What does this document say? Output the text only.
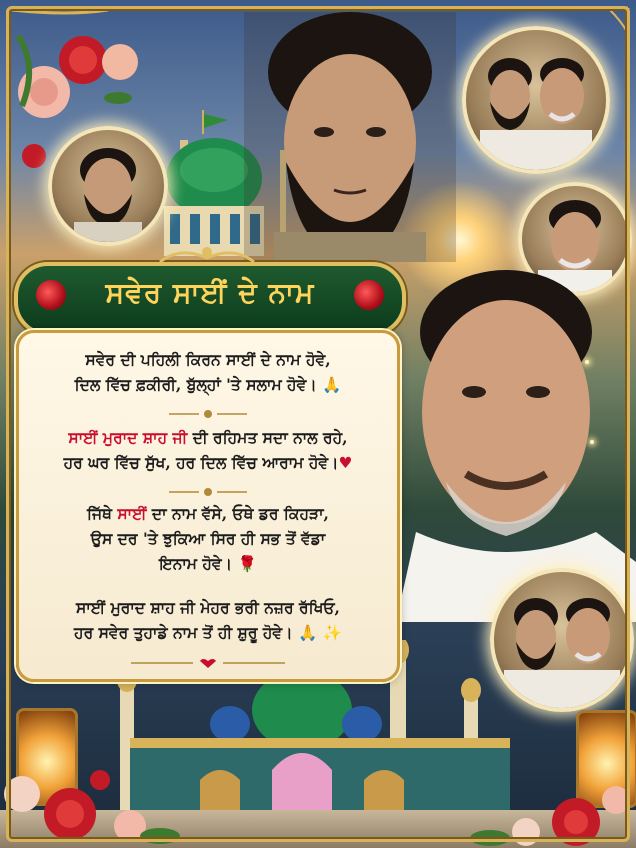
ਸਵੇਰ ਸਾਈਂ ਦੇ ਨਾਮ
ਸਵੇਰ ਦੀ ਪਹਿਲੀ ਕਿਰਨ ਸਾਈਂ ਦੇ ਨਾਮ ਹੋਵੇ,
ਦਿਲ ਵਿੱਚ ਫ਼ਕੀਰੀ, ਬੁੱਲ੍ਹਾਂ 'ਤੇ ਸਲਾਮ ਹੋਵੇ। 🙏
ਸਾਈਂ ਮੁਰਾਦ ਸ਼ਾਹ ਜੀ ਦੀ ਰਹਿਮਤ ਸਦਾ ਨਾਲ ਰਹੇ,
ਹਰ ਘਰ ਵਿੱਚ ਸੁੱਖ, ਹਰ ਦਿਲ ਵਿੱਚ ਆਰਾਮ ਹੋਵੇ।♥
ਜਿੱਥੇ ਸਾਈਂ ਦਾ ਨਾਮ ਵੱਸੇ, ਓਥੇ ਡਰ ਕਿਹੜਾ,
ਉਸ ਦਰ 'ਤੇ ਝੁਕਿਆ ਸਿਰ ਹੀ ਸਭ ਤੋਂ ਵੱਡਾ
ਇਨਾਮ ਹੋਵੇ। 🌹
ਸਾਈਂ ਮੁਰਾਦ ਸ਼ਾਹ ਜੀ ਮੇਹਰ ਭਰੀ ਨਜ਼ਰ ਰੱਖਿਓ,
ਹਰ ਸਵੇਰ ਤੁਹਾਡੇ ਨਾਮ ਤੋਂ ਹੀ ਸ਼ੁਰੂ ਹੋਵੇ। 🙏 ✨
